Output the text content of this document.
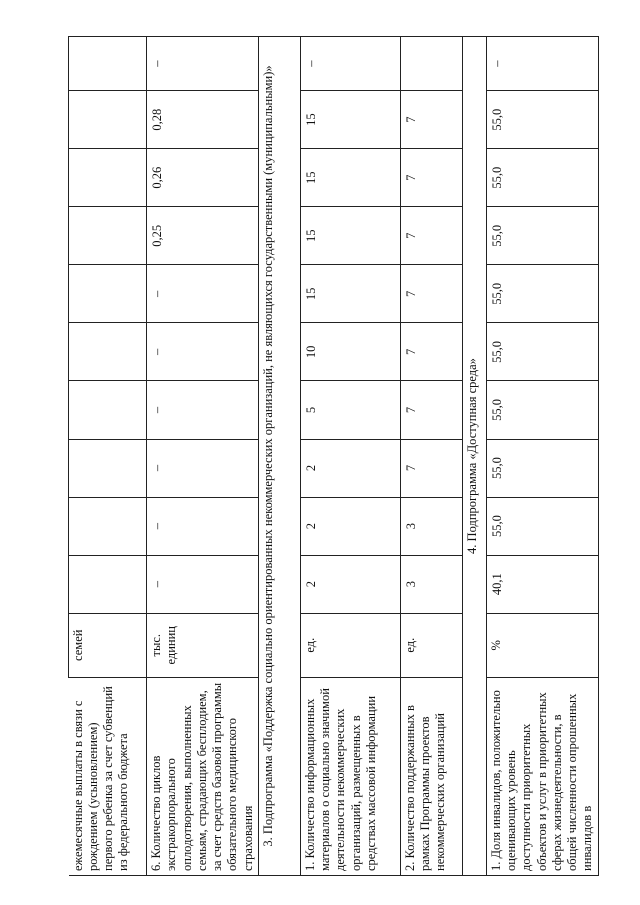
ежемесячные выплаты в связи с рождением (усыновлением) первого ребенка за счет субвенций из федерального бюджета	семей										
6. Количество циклов экстракорпорального оплодотворения, выполненных семьям, страдающих бесплодием, за счет средств базовой программы обязательного медицинского страхования	тыс. единиц	–	–	–	–	–	–	0,25	0,26	0,28	–
3. Подпрограмма «Поддержка социально ориентированных некоммерческих организаций, не являющихся государственными (муниципальными)»											
1. Количество информационных материалов о социально значимой деятельности некоммерческих организаций, размещенных в средствах массовой информации	ед.	2	2	2	5	10	15	15	15	15	–
2. Количество поддержанных в рамках Программы проектов некоммерческих организаций	ед.	3	3	7	7	7	7	7	7	7	
4. Подпрограмма «Доступная среда»											
1. Доля инвалидов, положительно оценивающих уровень доступности приоритетных объектов и услуг в приоритетных сферах жизнедеятельности, в общей численности опрошенных инвалидов в	%	40,1	55,0	55,0	55,0	55,0	55,0	55,0	55,0	55,0	–
